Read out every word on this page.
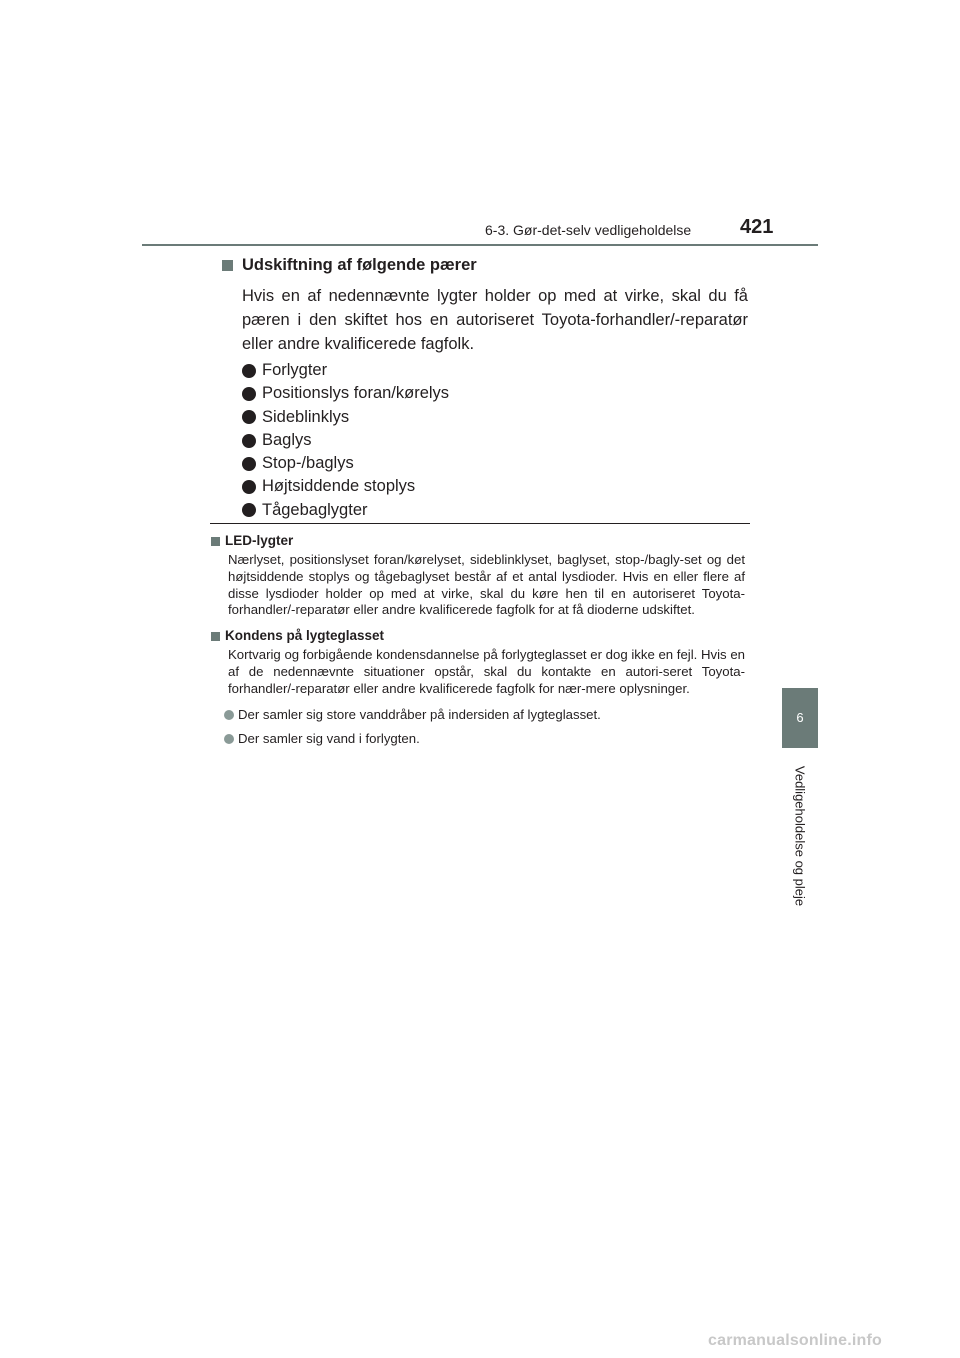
6-3. Gør-det-selv vedligeholdelse 421
6
Vedligeholdelse og pleje
Udskiftning af følgende pærer
Hvis en af nedennævnte lygter holder op med at virke, skal du få pæren i den skiftet hos en autoriseret Toyota-forhandler/-reparatør eller andre kvalificerede fagfolk.
Forlygter
Positionslys foran/kørelys
Sideblinklys
Baglys
Stop-/baglys
Højtsiddende stoplys
Tågebaglygter
LED-lygter
Nærlyset, positionslyset foran/kørelyset, sideblinklyset, baglyset, stop-/bagly-set og det højtsiddende stoplys og tågebaglyset består af et antal lysdioder. Hvis en eller flere af disse lysdioder holder op med at virke, skal du køre hen til en autoriseret Toyota-forhandler/-reparatør eller andre kvalificerede fagfolk for at få dioderne udskiftet.
Kondens på lygteglasset
Kortvarig og forbigående kondensdannelse på forlygteglasset er dog ikke en fejl. Hvis en af de nedennævnte situationer opstår, skal du kontakte en autori-seret Toyota-forhandler/-reparatør eller andre kvalificerede fagfolk for nær-mere oplysninger.
Der samler sig store vanddråber på indersiden af lygteglasset.
Der samler sig vand i forlygten.
carmanualsonline.info
